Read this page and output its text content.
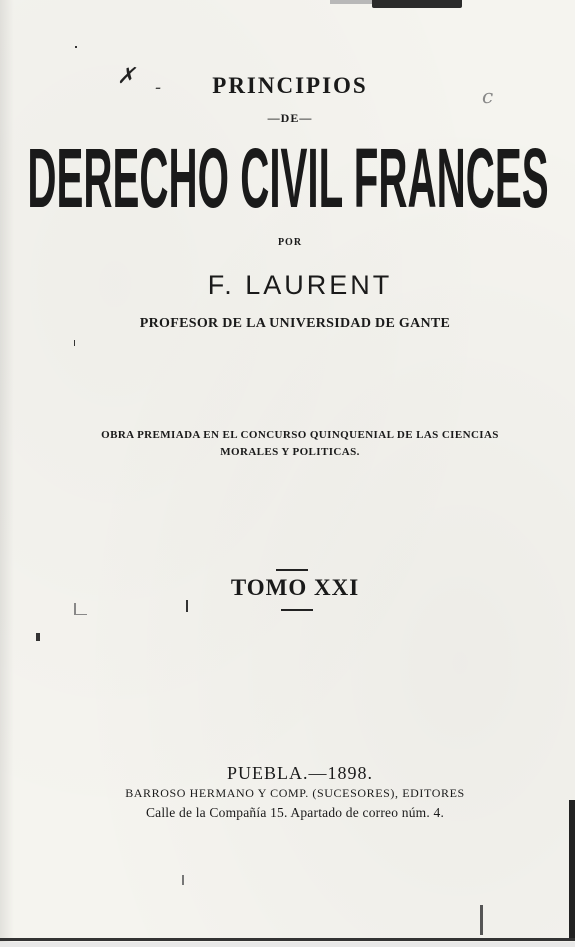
✗ -	c
PRINCIPIOS
—DE—
DERECHO CIVIL FRANCES
POR
F. LAURENT
PROFESOR DE LA UNIVERSIDAD DE GANTE
OBRA PREMIADA EN EL CONCURSO QUINQUENIAL DE LAS CIENCIAS
MORALES Y POLITICAS.
TOMO XXI
PUEBLA.—1898.
BARROSO HERMANO Y COMP. (SUCESORES), EDITORES
Calle de la Compañía 15. Apartado de correo núm. 4.
